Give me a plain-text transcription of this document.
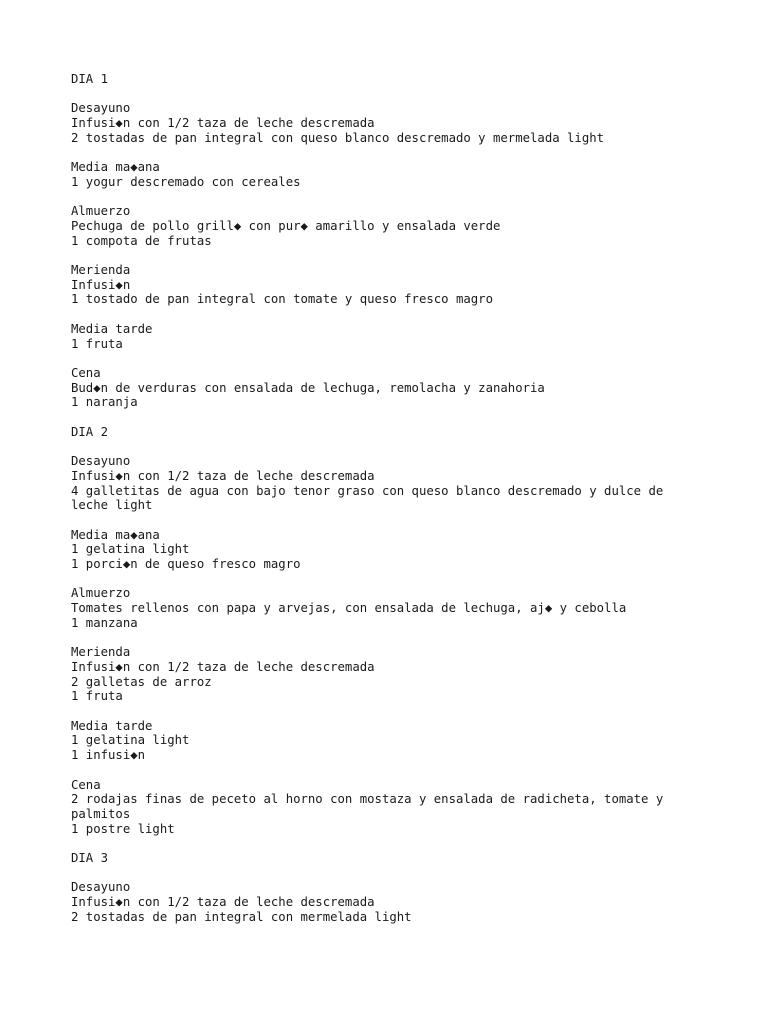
DIA 1
Desayuno
Infusi◆n con 1/2 taza de leche descremada
2 tostadas de pan integral con queso blanco descremado y mermelada light
Media ma◆ana
1 yogur descremado con cereales
Almuerzo
Pechuga de pollo grill◆ con pur◆ amarillo y ensalada verde
1 compota de frutas
Merienda
Infusi◆n
1 tostado de pan integral con tomate y queso fresco magro
Media tarde
1 fruta
Cena
Bud◆n de verduras con ensalada de lechuga, remolacha y zanahoria
1 naranja
DIA 2
Desayuno
Infusi◆n con 1/2 taza de leche descremada
4 galletitas de agua con bajo tenor graso con queso blanco descremado y dulce de
leche light
Media ma◆ana
1 gelatina light
1 porci◆n de queso fresco magro
Almuerzo
Tomates rellenos con papa y arvejas, con ensalada de lechuga, aj◆ y cebolla
1 manzana
Merienda
Infusi◆n con 1/2 taza de leche descremada
2 galletas de arroz
1 fruta
Media tarde
1 gelatina light
1 infusi◆n
Cena
2 rodajas finas de peceto al horno con mostaza y ensalada de radicheta, tomate y
palmitos
1 postre light
DIA 3
Desayuno
Infusi◆n con 1/2 taza de leche descremada
2 tostadas de pan integral con mermelada light
